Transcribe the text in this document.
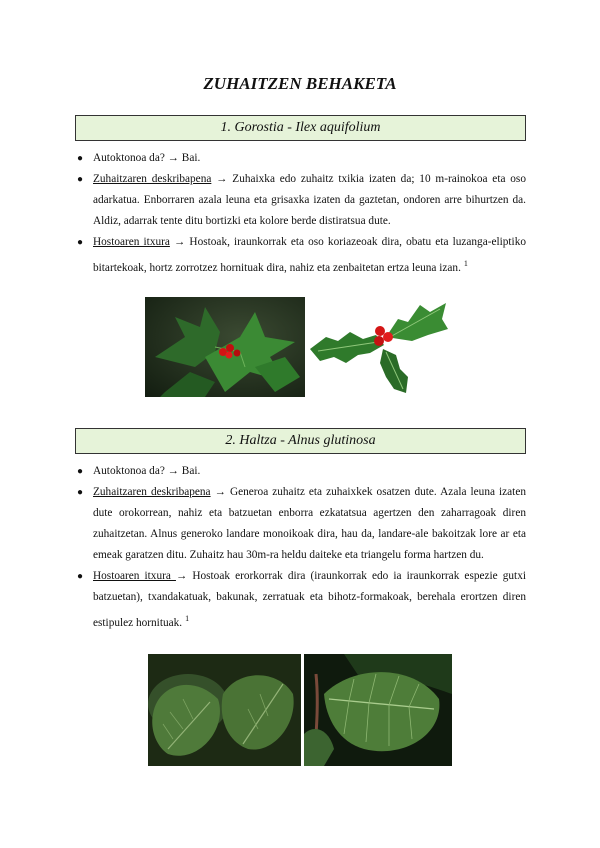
ZUHAITZEN BEHAKETA
1. Gorostia - Ilex aquifolium
● Autoktonoa da? → Bai.
● Zuhaitzaren deskribapena → Zuhaixka edo zuhaitz txikia izaten da; 10 m-rainokoa eta oso adarkatua. Enborraren azala leuna eta grisaxka izaten da gaztetan, ondoren arre bihurtzen da. Aldiz, adarrak tente ditu bortizki eta kolore berde distiratsua dute.
● Hostoaren itxura → Hostoak, iraunkorrak eta oso koriazeoak dira, obatu eta luzanga-eliptiko bitartekoak, hortz zorrotzez hornituak dira, nahiz eta zenbaitetan ertza leuna izan. $^1$
2. Haltza - Alnus glutinosa
● Autoktonoa da? → Bai.
● Zuhaitzaren deskribapena → Generoa zuhaitz eta zuhaixkek osatzen dute. Azala leuna izaten dute orokorrean, nahiz eta batzuetan enborra ezkatatsua agertzen den zaharragoak diren zuhaitzetan. Alnus generoko landare monoikoak dira, hau da, landare-ale bakoitzak lore ar eta emeak garatzen ditu. Zuhaitz hau 30m-ra heldu daiteke eta triangelu forma hartzen du.
● Hostoaren itxura → Hostoak erorkorrak dira (iraunkorrak edo ia iraunkorrak espezie gutxi batzuetan), txandakatuak, bakunak, zerratuak eta bihotz-formakoak, berehala erortzen diren estipulez hornituak. $^1$
